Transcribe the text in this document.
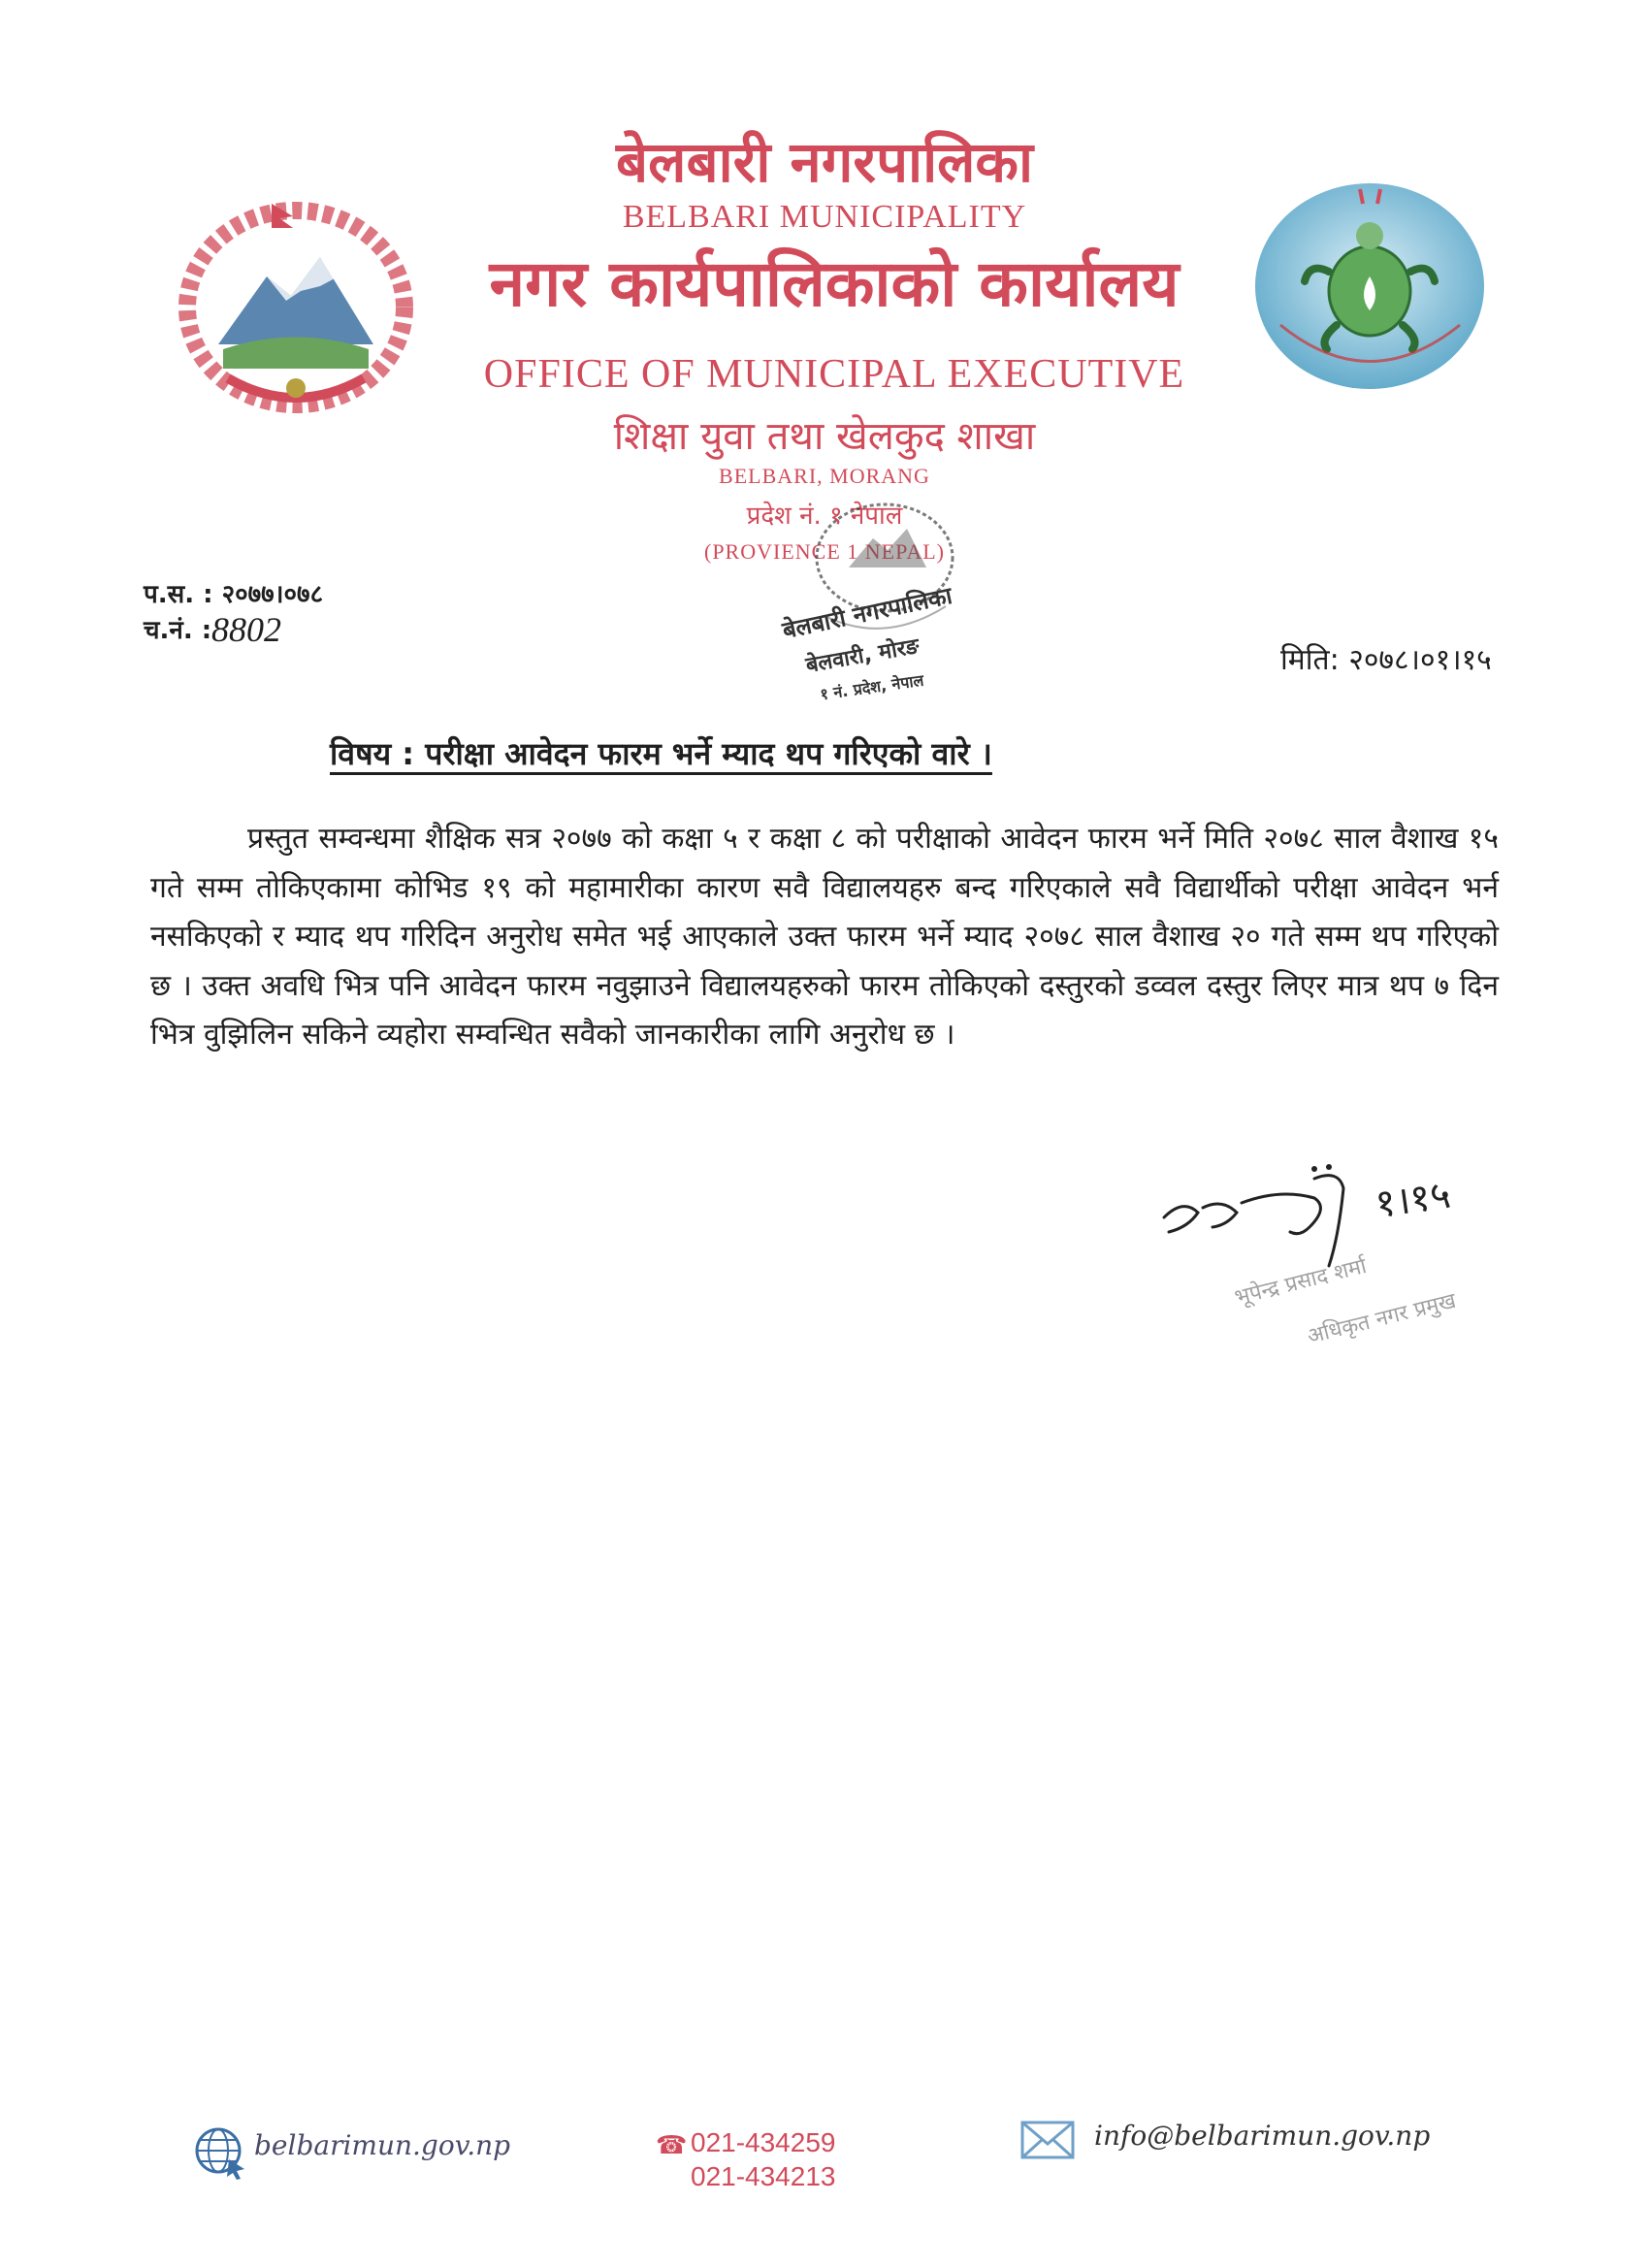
बेलबारी नगरपालिका
BELBARI MUNICIPALITY
नगर कार्यपालिकाको कार्यालय
OFFICE OF MUNICIPAL EXECUTIVE
शिक्षा युवा तथा खेलकुद शाखा
BELBARI, MORANG
प्रदेश नं. १ नेपाल
(PROVIENCE 1 NEPAL)
बेलबारी नगरपालिका
बेलवारी, मोरङ
१ नं. प्रदेश, नेपाल
प.स. : २०७७।०७८
च.नं. : 8802
मिति: २०७८।०१।१५
विषय : परीक्षा आवेदन फारम भर्ने म्याद थप गरिएको वारे ।
प्रस्तुत सम्वन्धमा शैक्षिक सत्र २०७७ को कक्षा ५ र कक्षा ८ को परीक्षाको आवेदन फारम भर्ने मिति २०७८ साल वैशाख १५ गते सम्म तोकिएकामा कोभिड १९ को महामारीका कारण सवै विद्यालयहरु बन्द गरिएकाले सवै विद्यार्थीको परीक्षा आवेदन भर्न नसकिएको र म्याद थप गरिदिन अनुरोध समेत भई आएकाले उक्त फारम भर्ने म्याद २०७८ साल वैशाख २० गते सम्म थप गरिएको छ । उक्त अवधि भित्र पनि आवेदन फारम नवुझाउने विद्यालयहरुको फारम तोकिएको दस्तुरको डव्वल दस्तुर लिएर मात्र थप ७ दिन भित्र वुझिलिन सकिने व्यहोरा सम्वन्धित सवैको जानकारीका लागि अनुरोध छ ।
१।१५
भूपेन्द्र प्रसाद शर्मा
अधिकृत नगर प्रमुख
belbarimun.gov.np	☎ 021-434259
021-434213
info@belbarimun.gov.np
